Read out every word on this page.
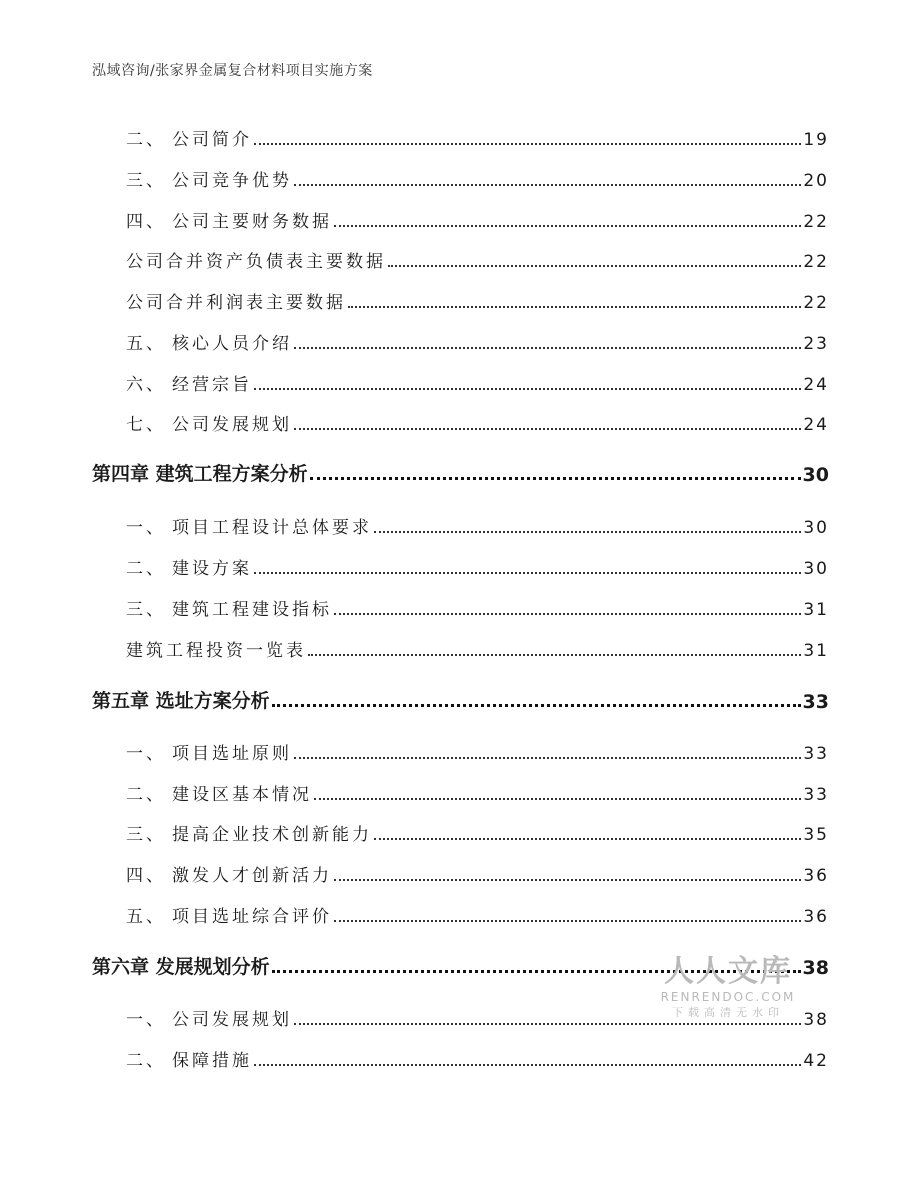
泓域咨询/张家界金属复合材料项目实施方案
二、 公司简介	19
三、 公司竞争优势	20
四、 公司主要财务数据	22
公司合并资产负债表主要数据	22
公司合并利润表主要数据	22
五、 核心人员介绍	23
六、 经营宗旨	24
七、 公司发展规划	24
第四章 建筑工程方案分析	30
一、 项目工程设计总体要求	30
二、 建设方案	30
三、 建筑工程建设指标	31
建筑工程投资一览表	31
第五章 选址方案分析	33
一、 项目选址原则	33
二、 建设区基本情况	33
三、 提高企业技术创新能力	35
四、 激发人才创新活力	36
五、 项目选址综合评价	36
第六章 发展规划分析	38
一、 公司发展规划	38
二、 保障措施	42
人人文库
RENRENDOC.COM
下载高清无水印
